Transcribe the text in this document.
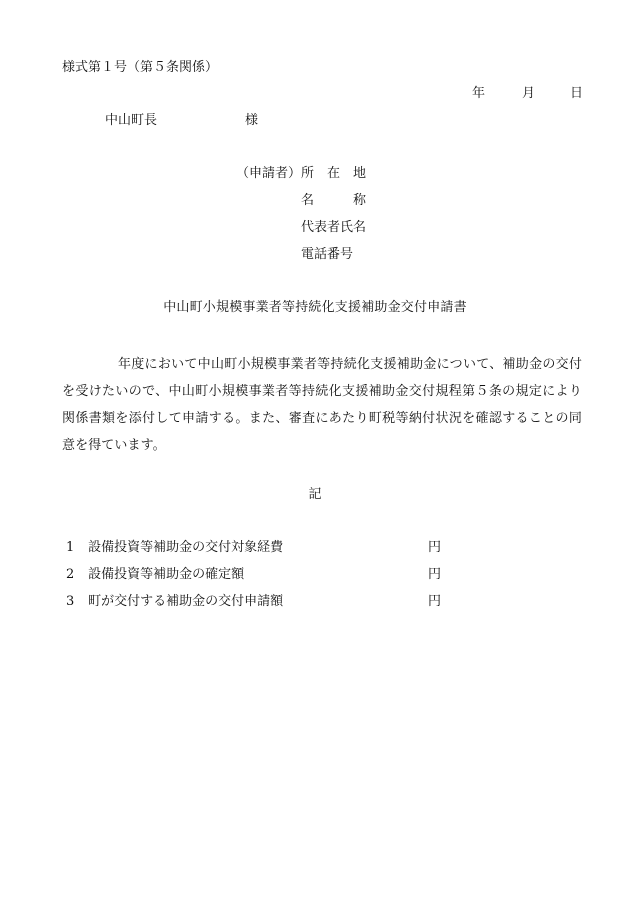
様式第１号（第５条関係）
年	月	日
中山町長	様
（申請者） 所　在　地
名　　　称
代表者氏名
電話番号
中山町小規模事業者等持続化支援補助金交付申請書

年度において中山町小規模事業者等持続化支援補助金について、補助金の交付を受けたいので、中山町小規模事業者等持続化支援補助金交付規程第５条の規定により関係書類を添付して申請する。また、審査にあたり町税等納付状況を確認することの同意を得ています。

記
1 設備投資等補助金の交付対象経費	円
2 設備投資等補助金の確定額	円
3 町が交付する補助金の交付申請額	円
